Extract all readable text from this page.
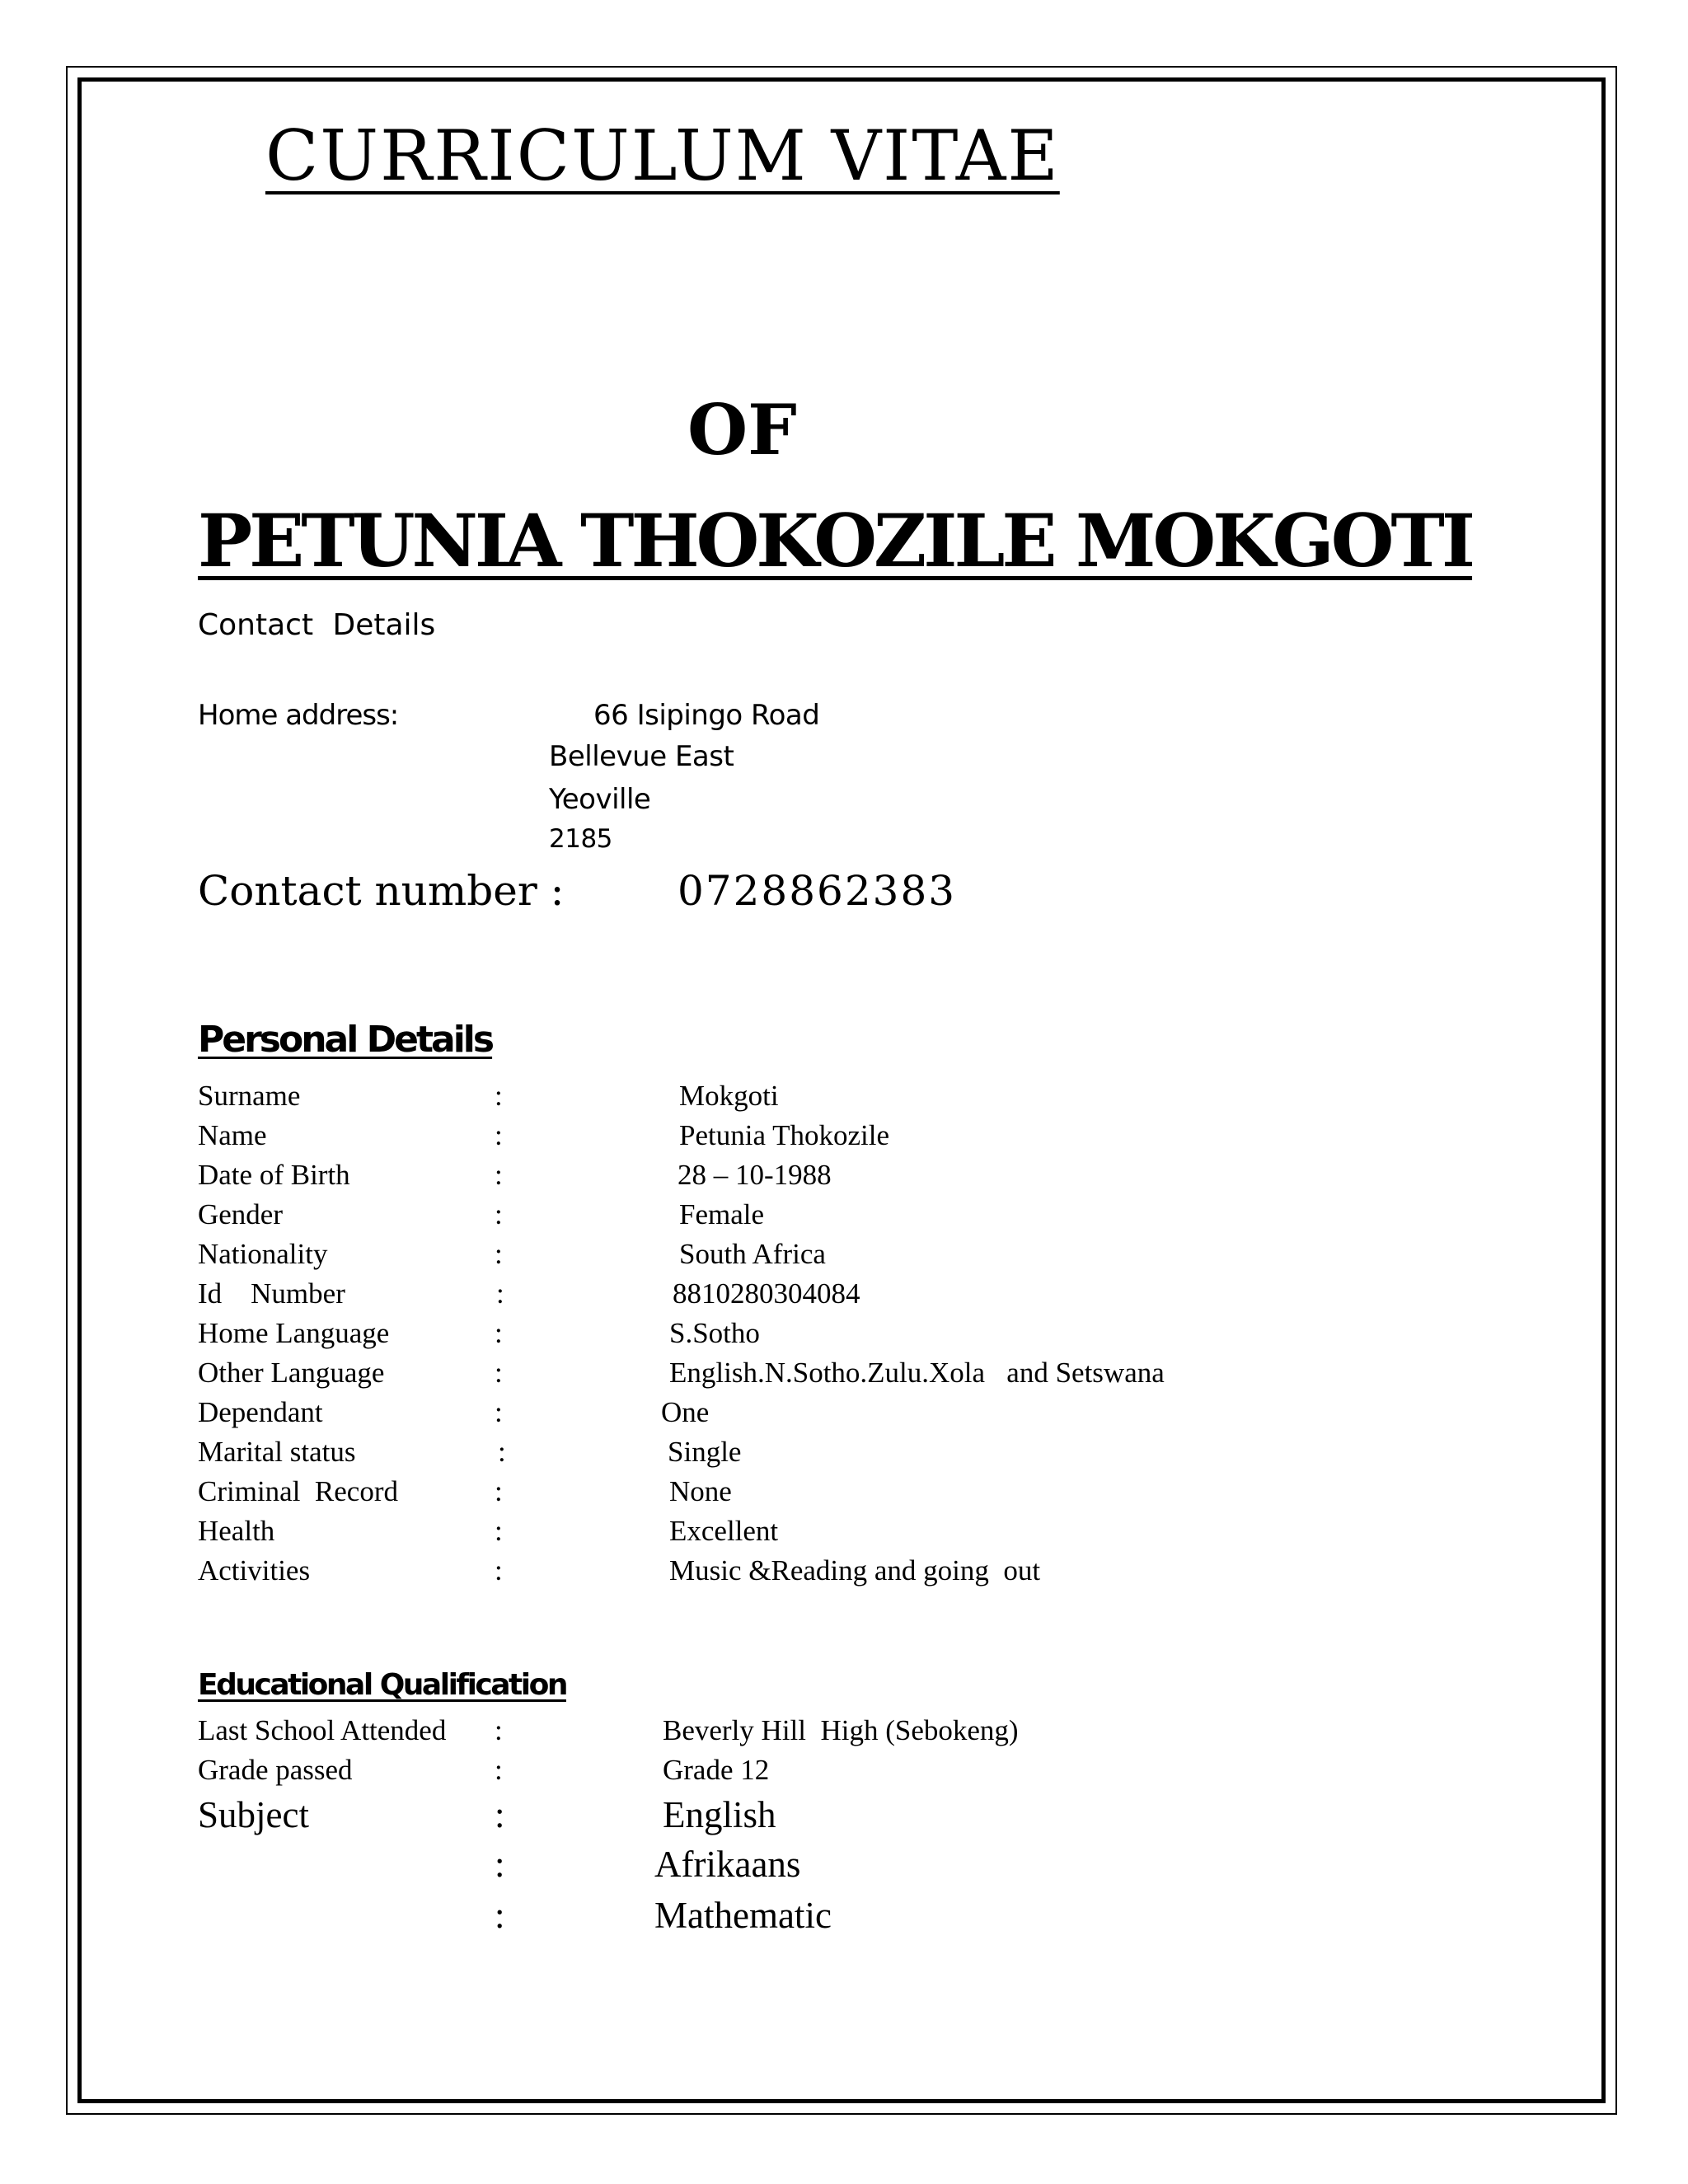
CURRICULUM VITAE
OF
PETUNIA THOKOZILE MOKGOTI
Contact Details
Home address:	66 Isipingo Road
Bellevue East
Yeoville
2185
Contact number :	0728862383
Personal Details
Surname	:	Mokgoti
Name	:	Petunia Thokozile
Date of Birth	:	28 – 10-1988
Gender	:	Female
Nationality	:	South Africa
Id    Number	:	8810280304084
Home Language	:	S.Sotho
Other Language	:	English.N.Sotho.Zulu.Xola   and Setswana
Dependant	:	One
Marital status	:	Single
Criminal  Record	:	None
Health	:	Excellent
Activities	:	Music &Reading and going  out
Educational Qualification
Last School Attended :	Beverly Hill  High (Sebokeng)
Grade passed	:	Grade 12
Subject	:	English
:	Afrikaans
:	Mathematic
